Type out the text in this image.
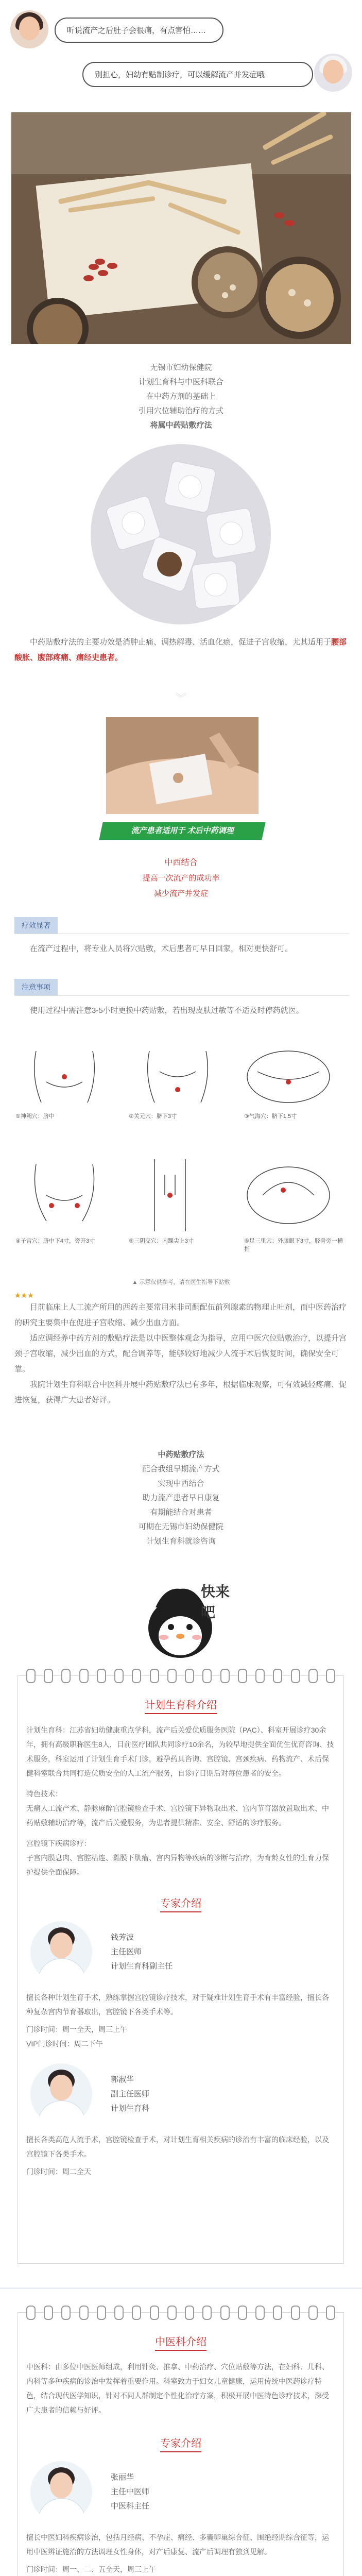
听说流产之后肚子会很痛，有点害怕……
别担心，妇幼有贴制诊疗，可以缓解流产并发症哦

无锡市妇幼保健院

计划生育科与中医科联合

在中药方剂的基础上

引用穴位辅助治疗的方式

将属中药贴敷疗法

中药贴敷疗法的主要功效是消肿止痛、调热解毒、活血化瘀，促进子宫收缩，尤其适用于腰部酸胀、腹部疼痛、痛经史患者。

︾
流产患者适用于 术后中药调理
中西结合
提高一次流产的成功率
减少流产并发症
疗效显著

在流产过程中，将专业人员将穴贴敷，术后患者可早日回家，相对更快舒可。

注意事项

使用过程中需注意3-5小时更换中药贴敷，若出现皮肤过敏等不适及时停药就医。

①神阙穴：脐中	②关元穴：脐下3寸	③气海穴：脐下1.5寸
④子宫穴：脐中下4寸，旁开3寸	⑤三阴交穴：内踝尖上3寸	⑥足三里穴：外膝眼下3寸，胫骨旁一横指
▲ 示意仅供参考，请在医生指导下贴敷
★★★

目前临床上人工流产所用的西药主要常用米非司酮配伍前列腺素的物理止吐剂，而中医药治疗的研究主要集中在促进子宫收缩、减少出血方面。

适应调经养中药方剂的敷贴疗法是以中医整体观念为指导，应用中医穴位贴敷治疗，以提升宫颈子宫收缩，减少出血的方式，配合调养等，能够较好地减少人流手术后恢复时间，确保安全可靠。

我院计划生育科联合中医科开展中药贴敷疗法已有多年，根据临床观察，可有效减轻疼痛、促进恢复，获得广大患者好评。

中药贴敷疗法

配合我组早期流产方式

实现中西结合

助力流产患者早日康复

有期能结合对患者

可期在无锡市妇幼保健院

计划生育科就诊咨询

快来吧
计划生育科介绍

计划生育科：江苏省妇幼健康重点学科，流产后关爱优质服务医院（PAC）、科室开展诊疗30余年，拥有高级职称医生8人，目前医疗团队共同诊疗10余名，为较早地提供全面优生优育咨询、技术服务，科室运用了计划生育手术门诊，避孕药具咨询、宫腔镜、宫颈疾病、药物流产、术后保健科室联合共同打造优质安全的人工流产服务，自诊疗日期后对每位患者的安全。

特色技术：

无痛人工流产术、静脉麻醉宫腔镜检查手术、宫腔镜下异物取出术、宫内节育器放置取出术、中药贴敷辅助治疗等，流产后关爱服务，为患者提供精准、安全、舒适的诊疗服务。

宫腔镜下疾病诊疗：

子宫内膜息肉、宫腔粘连、黏膜下肌瘤、宫内异物等疾病的诊断与治疗，为育龄女性的生育力保护提供全面保障。

专家介绍
钱芳波
主任医师
计划生育科副主任

擅长各种计划生育手术，熟练掌握宫腔镜诊疗技术，对于疑难计划生育手术有丰富经验，擅长各种复杂宫内节育器取出，宫腔镜下各类手术等。

门诊时间：周一全天，周三上午

VIP门诊时间：周二下午

郭淑华
副主任医师
计划生育科

擅长各类高危人流手术，宫腔镜检查手术，对计划生育相关疾病的诊治有丰富的临床经验，以及宫腔镜下各类手术。

门诊时间：周二全天

中医科介绍

中医科：由多位中医医师组成，利用针灸、推拿、中药治疗、穴位贴敷等方法，在妇科、儿科、内科等多种疾病的诊治中发挥着重要作用。科室致力于妇女儿童健康，运用传统中医药诊疗特色，结合现代医学知识，针对不同人群制定个性化治疗方案，积极开展中医特色诊疗技术，深受广大患者的信赖与好评。

专家介绍
张丽华
主任中医师
中医科主任

擅长中医妇科疾病诊治，包括月经病、不孕症、痛经、多囊卵巢综合征、围绝经期综合征等，运用中医辨证施治的方法调理女性身体，对产后康复、流产后调理有独到见解。

门诊时间：周一、二、五全天，周三上午
